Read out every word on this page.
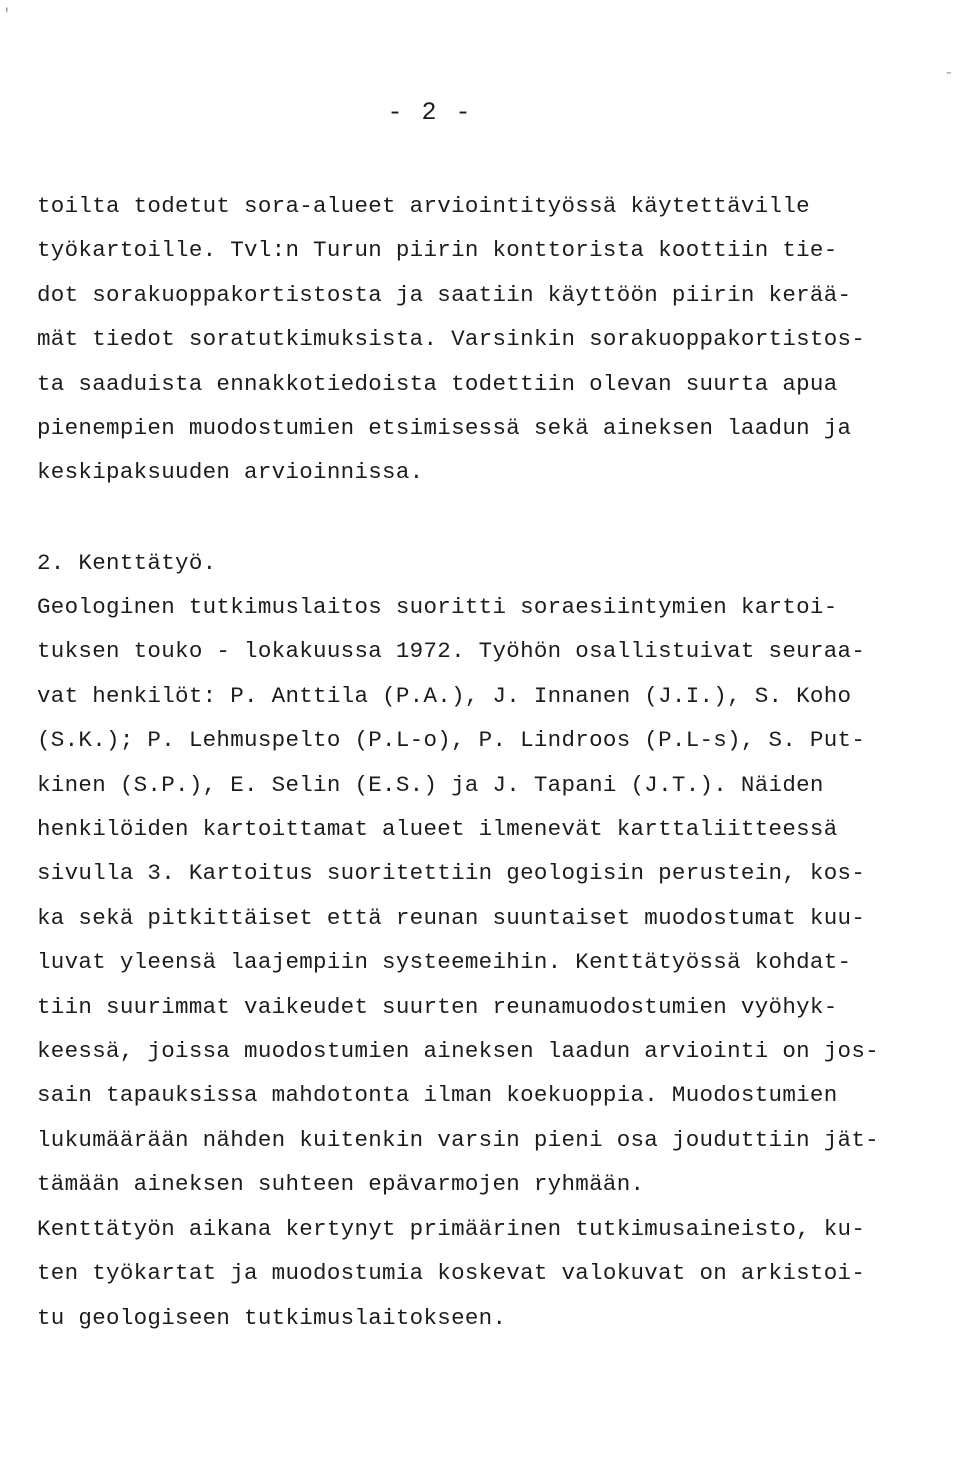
'
-
- 2 -
toilta todetut sora-alueet arviointityössä käytettäville
työkartoille. Tvl:n Turun piirin konttorista koottiin tie-
dot sorakuoppakortistosta ja saatiin käyttöön piirin kerää-
mät tiedot soratutkimuksista. Varsinkin sorakuoppakortistos-
ta saaduista ennakkotiedoista todettiin olevan suurta apua
pienempien muodostumien etsimisessä sekä aineksen laadun ja
keskipaksuuden arvioinnissa.
2. Kenttätyö.
Geologinen tutkimuslaitos suoritti soraesiintymien kartoi-
tuksen touko - lokakuussa 1972. Työhön osallistuivat seuraa-
vat henkilöt: P. Anttila (P.A.), J. Innanen (J.I.), S. Koho
(S.K.); P. Lehmuspelto (P.L-o), P. Lindroos (P.L-s), S. Put-
kinen (S.P.), E. Selin (E.S.) ja J. Tapani (J.T.). Näiden
henkilöiden kartoittamat alueet ilmenevät karttaliitteessä
sivulla 3. Kartoitus suoritettiin geologisin perustein, kos-
ka sekä pitkittäiset että reunan suuntaiset muodostumat kuu-
luvat yleensä laajempiin systeemeihin. Kenttätyössä kohdat-
tiin suurimmat vaikeudet suurten reunamuodostumien vyöhyk-
keessä, joissa muodostumien aineksen laadun arviointi on jos-
sain tapauksissa mahdotonta ilman koekuoppia. Muodostumien
lukumäärään nähden kuitenkin varsin pieni osa jouduttiin jät-
tämään aineksen suhteen epävarmojen ryhmään.
Kenttätyön aikana kertynyt primäärinen tutkimusaineisto, ku-
ten työkartat ja muodostumia koskevat valokuvat on arkistoi-
tu geologiseen tutkimuslaitokseen.
